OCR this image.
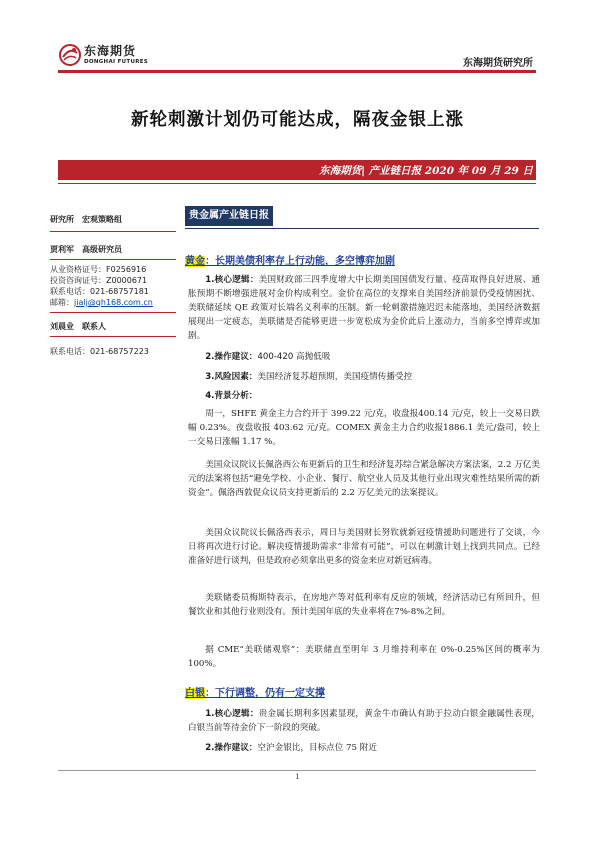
东海期货
DONGHAI FUTURES	东海期货研究所
新轮刺激计划仍可能达成，隔夜金银上涨
东海期货| 产业链日报 2020 年 09 月 29 日
研究所　宏观策略组
贾利军　高级研究员
从业资格证号：F0256916
投资咨询证号：Z0000671
联系电话：021-68757181
邮箱：jialj@qh168.com.cn
刘晨业　联系人
联系电话：021-68757223
贵金属产业链日报
黄金：长期美债利率存上行动能，多空博弈加剧
1.核心逻辑：美国财政部三四季度增大中长期美国国债发行量、疫苗取得良好进展、通胀预期不断增强进展对金价构成利空。金价在高位的支撑来自美国经济前景仍受疫情困扰、美联储延续 QE 政策对长端名义利率的压制。新一轮刺激措施迟迟未能落地，美国经济数据展现出一定疲态，美联储是否能够更进一步宽松成为金价此后上涨动力，当前多空博弈或加剧。
2.操作建议：400-420 高抛低吸
3.风险因素：美国经济复苏超预期，美国疫情传播受控
4.背景分析：
周一，SHFE 黄金主力合约开于 399.22 元/克，收盘报400.14 元/克，较上一交易日跌幅 0.23%。夜盘收报 403.62 元/克。COMEX 黄金主力合约收报1886.1 美元/盎司，较上一交易日涨幅 1.17 %。
美国众议院议长佩洛西公布更新后的卫生和经济复苏综合紧急解决方案法案，2.2 万亿美元的法案将包括“避免学校、小企业、餐厅、航空业人员及其他行业出现灾难性结果所需的新资金”。佩洛西敦促众议员支持更新后的 2.2 万亿美元的法案提议。
美国众议院议长佩洛西表示，周日与美国财长努钦就新冠疫情援助问题进行了交谈，今日将再次进行讨论。解决疫情援助需求“非常有可能”，可以在刺激计划上找到共同点。已经准备好进行谈判，但是政府必须拿出更多的资金来应对新冠病毒。
美联储委员梅斯特表示，在房地产等对低利率有反应的领域，经济活动已有所回升，但餐饮业和其他行业则没有。预计美国年底的失业率将在7%-8%之间。
据 CME“美联储观察”：美联储直至明年 3 月维持利率在 0%-0.25%区间的概率为 100%。
白银：下行调整，仍有一定支撑
1.核心逻辑：贵金属长期利多因素显现，黄金牛市确认有助于拉动白银金融属性表现，白银当前等待金价下一阶段的突破。
2.操作建议：空沪金银比，目标点位 75 附近
1
